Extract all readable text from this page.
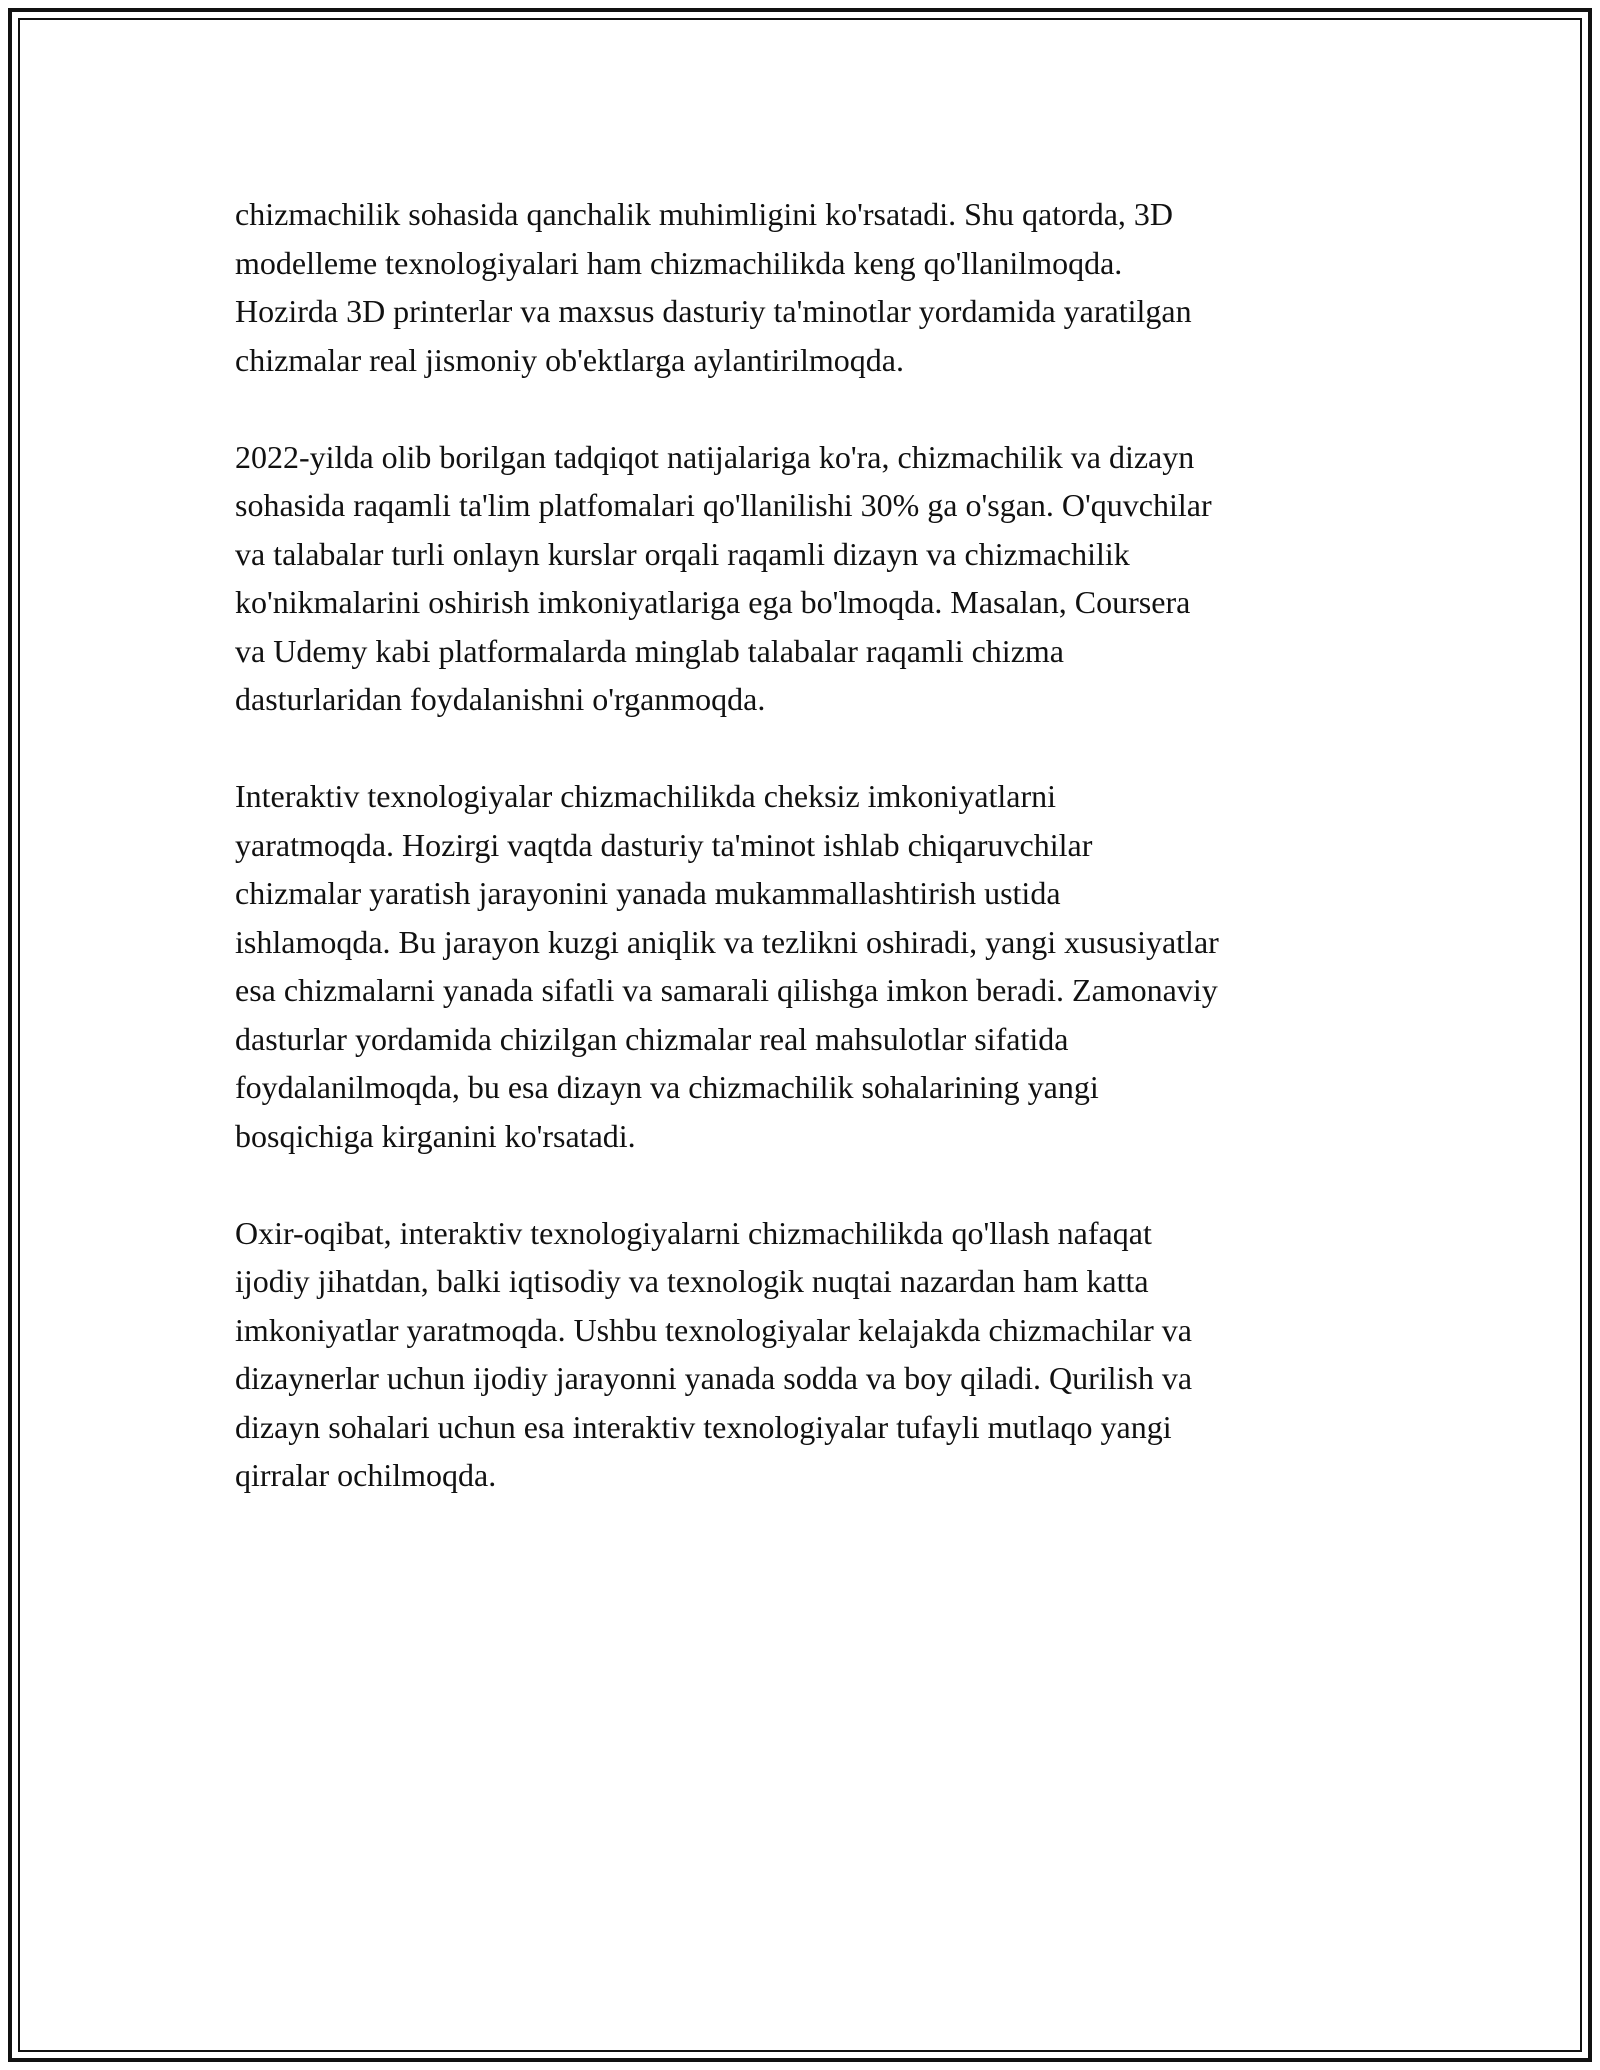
chizmachilik sohasida qanchalik muhimligini ko'rsatadi. Shu qatorda, 3D
modelleme texnologiyalari ham chizmachilikda keng qo'llanilmoqda.
Hozirda 3D printerlar va maxsus dasturiy ta'minotlar yordamida yaratilgan
chizmalar real jismoniy ob'ektlarga aylantirilmoqda.

2022-yilda olib borilgan tadqiqot natijalariga ko'ra, chizmachilik va dizayn
sohasida raqamli ta'lim platfomalari qo'llanilishi 30% ga o'sgan. O'quvchilar
va talabalar turli onlayn kurslar orqali raqamli dizayn va chizmachilik
ko'nikmalarini oshirish imkoniyatlariga ega bo'lmoqda. Masalan, Coursera
va Udemy kabi platformalarda minglab talabalar raqamli chizma
dasturlaridan foydalanishni o'rganmoqda.

Interaktiv texnologiyalar chizmachilikda cheksiz imkoniyatlarni
yaratmoqda. Hozirgi vaqtda dasturiy ta'minot ishlab chiqaruvchilar
chizmalar yaratish jarayonini yanada mukammallashtirish ustida
ishlamoqda. Bu jarayon kuzgi aniqlik va tezlikni oshiradi, yangi xususiyatlar
esa chizmalarni yanada sifatli va samarali qilishga imkon beradi. Zamonaviy
dasturlar yordamida chizilgan chizmalar real mahsulotlar sifatida
foydalanilmoqda, bu esa dizayn va chizmachilik sohalarining yangi
bosqichiga kirganini ko'rsatadi.

Oxir-oqibat, interaktiv texnologiyalarni chizmachilikda qo'llash nafaqat
ijodiy jihatdan, balki iqtisodiy va texnologik nuqtai nazardan ham katta
imkoniyatlar yaratmoqda. Ushbu texnologiyalar kelajakda chizmachilar va
dizaynerlar uchun ijodiy jarayonni yanada sodda va boy qiladi. Qurilish va
dizayn sohalari uchun esa interaktiv texnologiyalar tufayli mutlaqo yangi
qirralar ochilmoqda.
